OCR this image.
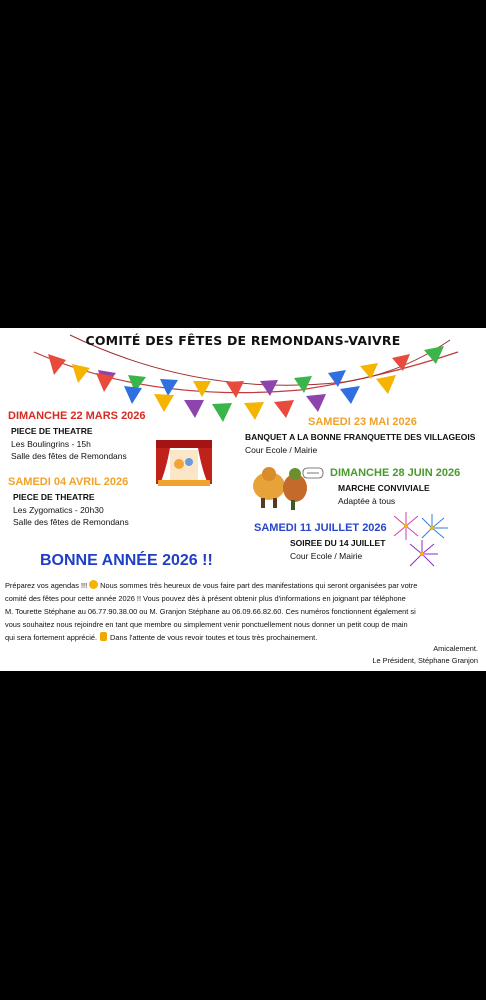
COMITÉ DES FÊTES DE REMONDANS-VAIVRE
DIMANCHE 22 MARS 2026
PIECE DE THEATRE
Les Boulingrins - 15h
Salle des fêtes de Remondans
SAMEDI 04 AVRIL 2026
PIECE DE THEATRE
Les Zygomatics - 20h30
Salle des fêtes de Remondans
SAMEDI 23 MAI 2026
BANQUET A LA BONNE FRANQUETTE DES VILLAGEOIS
Cour Ecole / Mairie
DIMANCHE 28 JUIN 2026
MARCHE CONVIVIALE
Adaptée à tous
SAMEDI 11 JUILLET 2026
SOIREE DU 14 JUILLET
Cour Ecole / Mairie
BONNE ANNÉE 2026 !!
Préparez vos agendas !!! Nous sommes très heureux de vous faire part des manifestations qui seront organisées par votre
comité des fêtes pour cette année 2026 !! Vous pouvez dès à présent obtenir plus d'informations en joignant par téléphone
M. Tourette Stéphane au 06.77.90.38.00 ou M. Granjon Stéphane au 06.09.66.82.60. Ces numéros fonctionnent également si
vous souhaitez nous rejoindre en tant que membre ou simplement venir ponctuellement nous donner un petit coup de main
qui sera fortement apprécié. Dans l'attente de vous revoir toutes et tous très prochainement.
Amicalement.
Le Président, Stéphane Granjon
